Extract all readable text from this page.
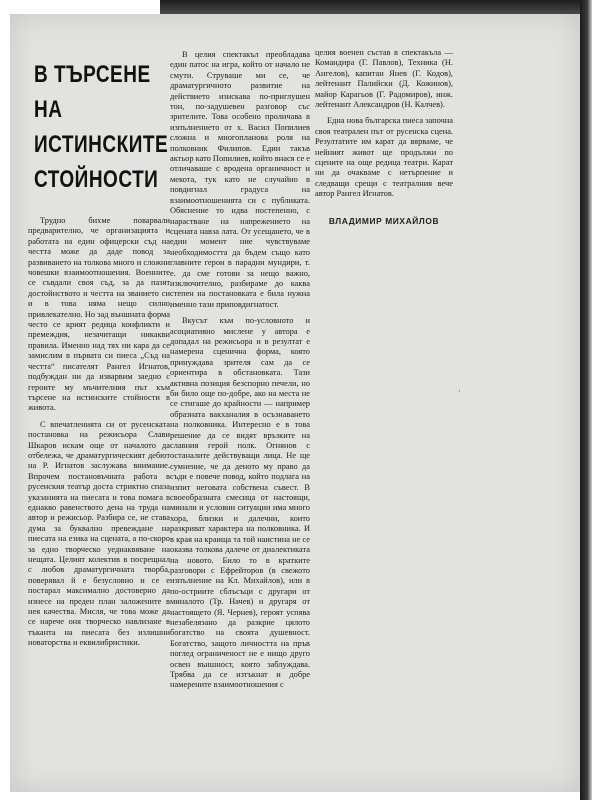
В ТЪРСЕНЕ
НА ИСТИНСКИТЕ
СТОЙНОСТИ

Трудно бихме поварвали предварително, че организацията и работата на един офицерски съд на честта може да даде повод за развиването на толкова много и сложни човешки взаимоотношения. Военните се съвдали своя съд, за да пазят достойнството и честта на званието си и в това няма нещо силно привлекателно. Но зад външната форма често се крият редица конфликти и премеждия, незачитащи никакви правила. Именно над тях ни кара да се замислим в първата си пиеса „Съд на честта“ писателят Рангел Игнатов, подбуждан ни да изварвим заедно с героите му мъчителния път към търсене на истинските стойности в живота.

С впечатленията си от русенската постановка на режисьора Слави Шкаров искам още от началото да отбележа, че драматургическият дебют на Р. Игнатов заслужава внимание. Впрочем постановъчната работа в русенския театър доста стриктно спаза указанията на пиесата и това помага в еднакво равенството дена на труда на автор и режисьор. Разбира се, не става дума за буквално превеждане на пиесата на езика на сцената, а по-скоро за едно творческо уеднаквяване на нещата. Целият колектив в посрещнал с любов драматургичната творба, поверявал й е безусловно и се е постарал максимално достоверно да изнесе на преден план заложените в нея качества. Мисля, че това може да се нарече оня творческо навлизане в тъканта на пиесата без излишни новаторства и еквилибристики.

В целия спектакъл преобладава един патос на игра, който от начало не смути. Струваше ми се, че драматургичното развитие на действието изискава по-приглушен тон, по-задушевен разговор със зрителите. Това особено проличава в изпълнението от х. Васил Попилиев сложна и многопланова роля на полковник Филипов. Един такъв актьор като Попилиев, който внася се е отличаваше с вродена органичност и мекота, тук като не случайно в повдигнал градуса на взаимоотношенията си с публиката. Обяснение то идва постепенно, с нарастване на напрежението на сцената навза лата. От усещането, че в един момент ние чувствуваме необходимостта да бъдем също като главните герои в парадни мундири, т. е. да сме готови за нещо важно, изключително, разбираме до каква степен на постановката е била нужна именно тази приповдигнатост.

Вкусът към по-условното и асоциативно мислене у автора е допадал на режисьора и в резултат е намерена сценична форма, която принуждава зрителя сам да се ориентира в обстановката. Тази активна позиция безспорно печели, но би било още по-добре, ако на места не се стигаше до крайности — например образната вакханалия в осъзнаването на полковника. Интересно е в това решение да се видят връзките на славния герой полк. Огнянов с останалите действуващи лица. Не ще сумнение, че да деното му право да съди е повече повод, който подлага на изпит неговата собствена съвест. В своеобразната смесица от настоящи, минали и условни ситуации има много хора, близки и далечни, които разкриват характера на полковника. И в края на краища та той наистина не се оказва толкова далече от диалектиката на новото. Било то в кратките разговори с Ефрейторов (в свежото изпълнение на Кл. Михайлов), или в по-остриите сблъсъци с другари от миналото (Тр. Начев) и другаря от настоящето (Я. Чернев), героят успява незабелязано да разкрие цялото богатство на своята душевност. Богатство, защото личността на пръв поглед ограниченост не е нищо друго освен външност, която заблуждава. Трябва да се изтъкнат и добре намерените взаимоотношения с

целия военен състав в спектакъла — Командира (Г. Павлов), Техника (Н. Ангелов), капитан Янев (Г. Кодов), лейтенант Палийски (Д. Кожинов), майор Карагьов (Г. Радомиров), инж. лейтенант Александров (Н. Калчев).

Една нова българска пиеса започна своя театрален път от русенска сцена. Резултатите им карат да вярваме, че нейният живот ще продължи по сцените на още редица театри. Карат ни да очакваме с нетърпение и следващи срещи с театралния вече автор Рангел Игнатов.

ВЛАДИМИР МИХАЙЛОВ
·
